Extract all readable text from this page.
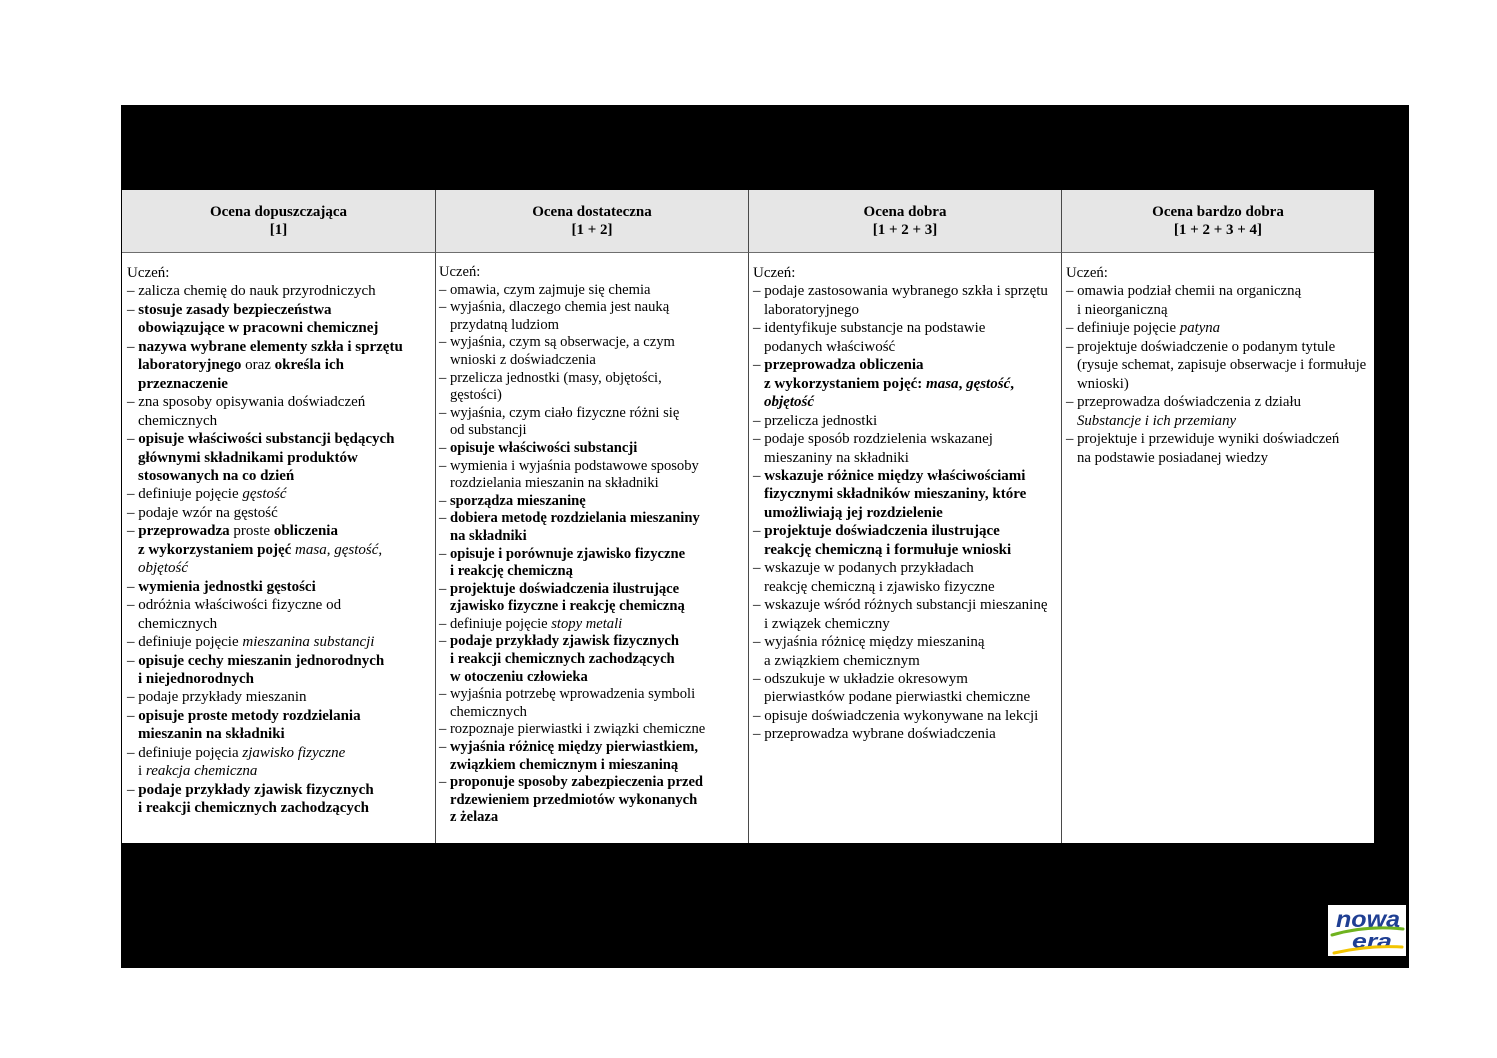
Ocena dopuszczająca
[1]
Ocena dostateczna
[1 + 2]
Ocena dobra
[1 + 2 + 3]
Ocena bardzo dobra
[1 + 2 + 3 + 4]
Uczeń:
– zalicza chemię do nauk przyrodniczych
– stosuje zasady bezpieczeństwa
obowiązujące w pracowni chemicznej
– nazywa wybrane elementy szkła i sprzętu
laboratoryjnego oraz określa ich
przeznaczenie
– zna sposoby opisywania doświadczeń
chemicznych
– opisuje właściwości substancji będących
głównymi składnikami produktów
stosowanych na co dzień
– definiuje pojęcie gęstość
– podaje wzór na gęstość
– przeprowadza proste obliczenia
z wykorzystaniem pojęć masa, gęstość,
objętość
– wymienia jednostki gęstości
– odróżnia właściwości fizyczne od
chemicznych
– definiuje pojęcie mieszanina substancji
– opisuje cechy mieszanin jednorodnych
i niejednorodnych
– podaje przykłady mieszanin
– opisuje proste metody rozdzielania
mieszanin na składniki
– definiuje pojęcia zjawisko fizyczne
i reakcja chemiczna
– podaje przykłady zjawisk fizycznych
i reakcji chemicznych zachodzących
Uczeń:
– omawia, czym zajmuje się chemia
– wyjaśnia, dlaczego chemia jest nauką
przydatną ludziom
– wyjaśnia, czym są obserwacje, a czym
wnioski z doświadczenia
– przelicza jednostki (masy, objętości,
gęstości)
– wyjaśnia, czym ciało fizyczne różni się
od substancji
– opisuje właściwości substancji
– wymienia i wyjaśnia podstawowe sposoby
rozdzielania mieszanin na składniki
– sporządza mieszaninę
– dobiera metodę rozdzielania mieszaniny
na składniki
– opisuje i porównuje zjawisko fizyczne
i reakcję chemiczną
– projektuje doświadczenia ilustrujące
zjawisko fizyczne i reakcję chemiczną
– definiuje pojęcie stopy metali
– podaje przykłady zjawisk fizycznych
i reakcji chemicznych zachodzących
w otoczeniu człowieka
– wyjaśnia potrzebę wprowadzenia symboli
chemicznych
– rozpoznaje pierwiastki i związki chemiczne
– wyjaśnia różnicę między pierwiastkiem,
związkiem chemicznym i mieszaniną
– proponuje sposoby zabezpieczenia przed
rdzewieniem przedmiotów wykonanych
z żelaza
Uczeń:
– podaje zastosowania wybranego szkła i sprzętu
laboratoryjnego
– identyfikuje substancje na podstawie
podanych właściwość
– przeprowadza obliczenia
z wykorzystaniem pojęć: masa, gęstość,
objętość
– przelicza jednostki
– podaje sposób rozdzielenia wskazanej
mieszaniny na składniki
– wskazuje różnice między właściwościami
fizycznymi składników mieszaniny, które
umożliwiają jej rozdzielenie
– projektuje doświadczenia ilustrujące
reakcję chemiczną i formułuje wnioski
– wskazuje w podanych przykładach
reakcję chemiczną i zjawisko fizyczne
– wskazuje wśród różnych substancji mieszaninę
i związek chemiczny
– wyjaśnia różnicę między mieszaniną
a związkiem chemicznym
– odszukuje w układzie okresowym
pierwiastków podane pierwiastki chemiczne
– opisuje doświadczenia wykonywane na lekcji
– przeprowadza wybrane doświadczenia
Uczeń:
– omawia podział chemii na organiczną
i nieorganiczną
– definiuje pojęcie patyna
– projektuje doświadczenie o podanym tytule
(rysuje schemat, zapisuje obserwacje i formułuje
wnioski)
– przeprowadza doświadczenia z działu
Substancje i ich przemiany
– projektuje i przewiduje wyniki doświadczeń
na podstawie posiadanej wiedzy
nowa
era
